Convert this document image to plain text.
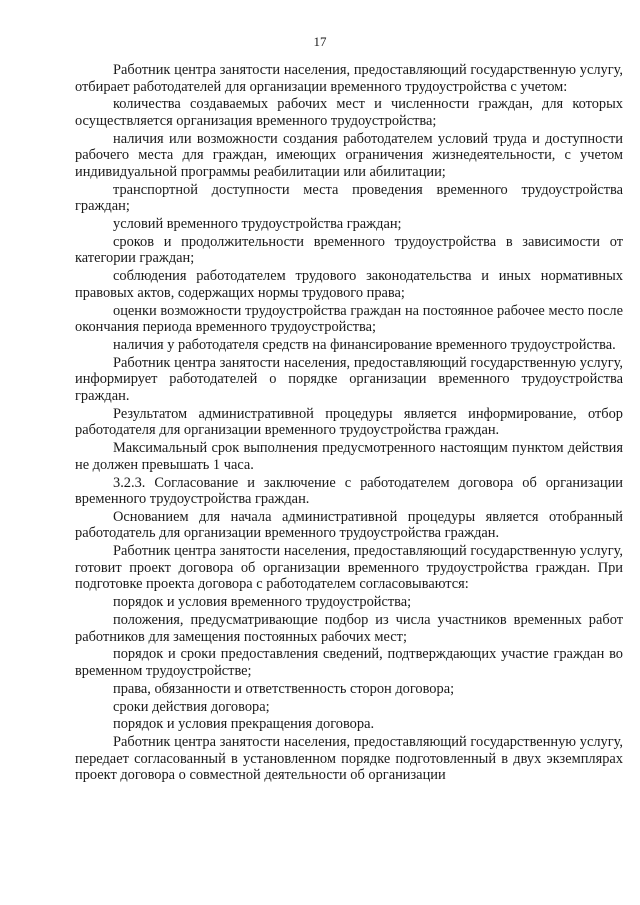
17

Работник центра занятости населения, предоставляющий государственную услугу, отбирает работодателей для организации временного трудоустройства с учетом:

количества создаваемых рабочих мест и численности граждан, для которых осуществляется организация временного трудоустройства;

наличия или возможности создания работодателем условий труда и доступности рабочего места для граждан, имеющих ограничения жизнедеятельности, с учетом индивидуальной программы реабилитации или абилитации;

транспортной доступности места проведения временного трудоустройства граждан;

условий временного трудоустройства граждан;

сроков и продолжительности временного трудоустройства в зависимости от категории граждан;

соблюдения работодателем трудового законодательства и иных нормативных правовых актов, содержащих нормы трудового права;

оценки возможности трудоустройства граждан на постоянное рабочее место после окончания периода временного трудоустройства;

наличия у работодателя средств на финансирование временного трудоустройства.

Работник центра занятости населения, предоставляющий государственную услугу, информирует работодателей о порядке организации временного трудоустройства граждан.

Результатом административной процедуры является информирование, отбор работодателя для организации временного трудоустройства граждан.

Максимальный срок выполнения предусмотренного настоящим пунктом действия не должен превышать 1 часа.

3.2.3. Согласование и заключение с работодателем договора об организации временного трудоустройства граждан.

Основанием для начала административной процедуры является отобранный работодатель для организации временного трудоустройства граждан.

Работник центра занятости населения, предоставляющий государственную услугу, готовит проект договора об организации временного трудоустройства граждан. При подготовке проекта договора с работодателем согласовываются:

порядок и условия временного трудоустройства;

положения, предусматривающие подбор из числа участников временных работ работников для замещения постоянных рабочих мест;

порядок и сроки предоставления сведений, подтверждающих участие граждан во временном трудоустройстве;

права, обязанности и ответственность сторон договора;

сроки действия договора;

порядок и условия прекращения договора.

Работник центра занятости населения, предоставляющий государственную услугу, передает согласованный в установленном порядке подготовленный в двух экземплярах проект договора о совместной деятельности об организации
